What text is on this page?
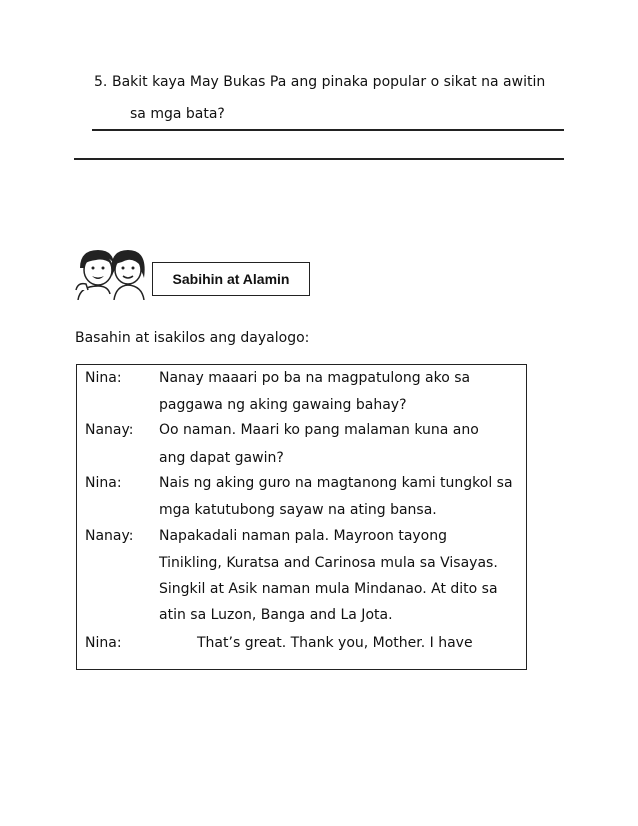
5. Bakit kaya May Bukas Pa ang pinaka popular o sikat na awitin
sa mga bata?
Sabihin at Alamin
Basahin at isakilos ang dayalogo:
Nina:	Nanay maaari po ba na magpatulong ako sa
paggawa ng aking gawaing bahay?
Nanay: Oo naman. Maari ko pang malaman kuna ano
ang dapat gawin?
Nina:	Nais ng aking guro na magtanong kami tungkol sa
mga katutubong sayaw na ating bansa.
Nanay: Napakadali naman pala. Mayroon tayong
Tinikling, Kuratsa and Carinosa mula sa Visayas.
Singkil at Asik naman mula Mindanao. At dito sa
atin sa Luzon, Banga and La Jota.
Nina:	That’s great. Thank you, Mother. I have
